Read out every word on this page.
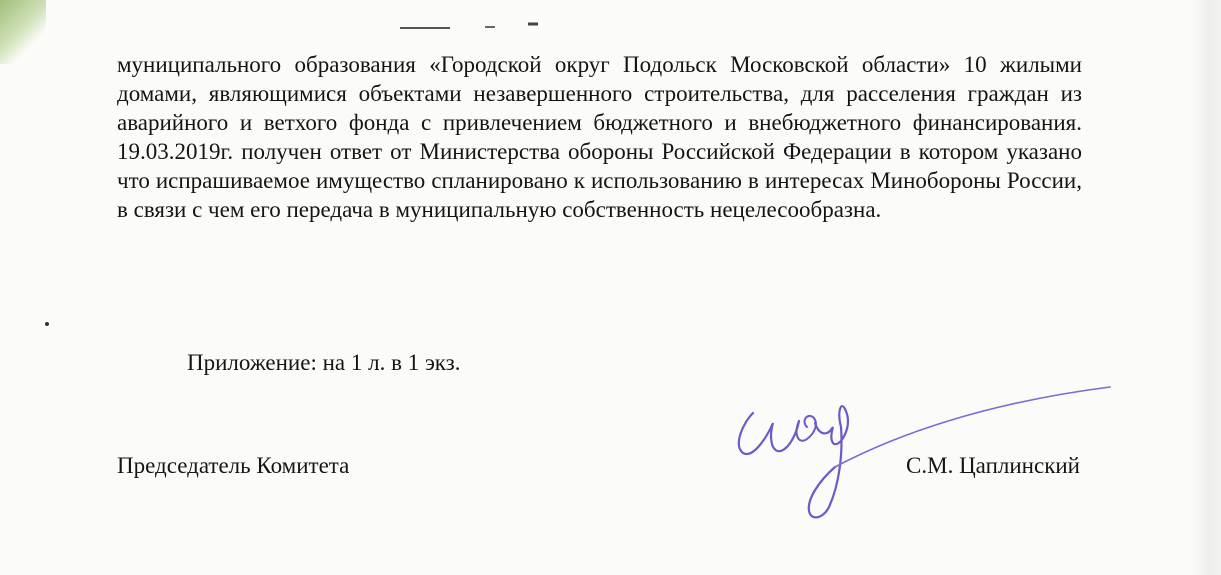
муниципального образования «Городской округ Подольск Московской области» 10 жилыми домами, являющимися объектами незавершенного строительства, для расселения граждан из аварийного и ветхого фонда с привлечением бюджетного и внебюджетного финансирования. 19.03.2019г. получен ответ от Министерства обороны Российской Федерации в котором указано что испрашиваемое имущество спланировано к использованию в интересах Минобороны России, в связи с чем его передача в муниципальную собственность нецелесообразна.

Приложение: на 1 л. в 1 экз.
Председатель Комитета	С.М. Цаплинский
